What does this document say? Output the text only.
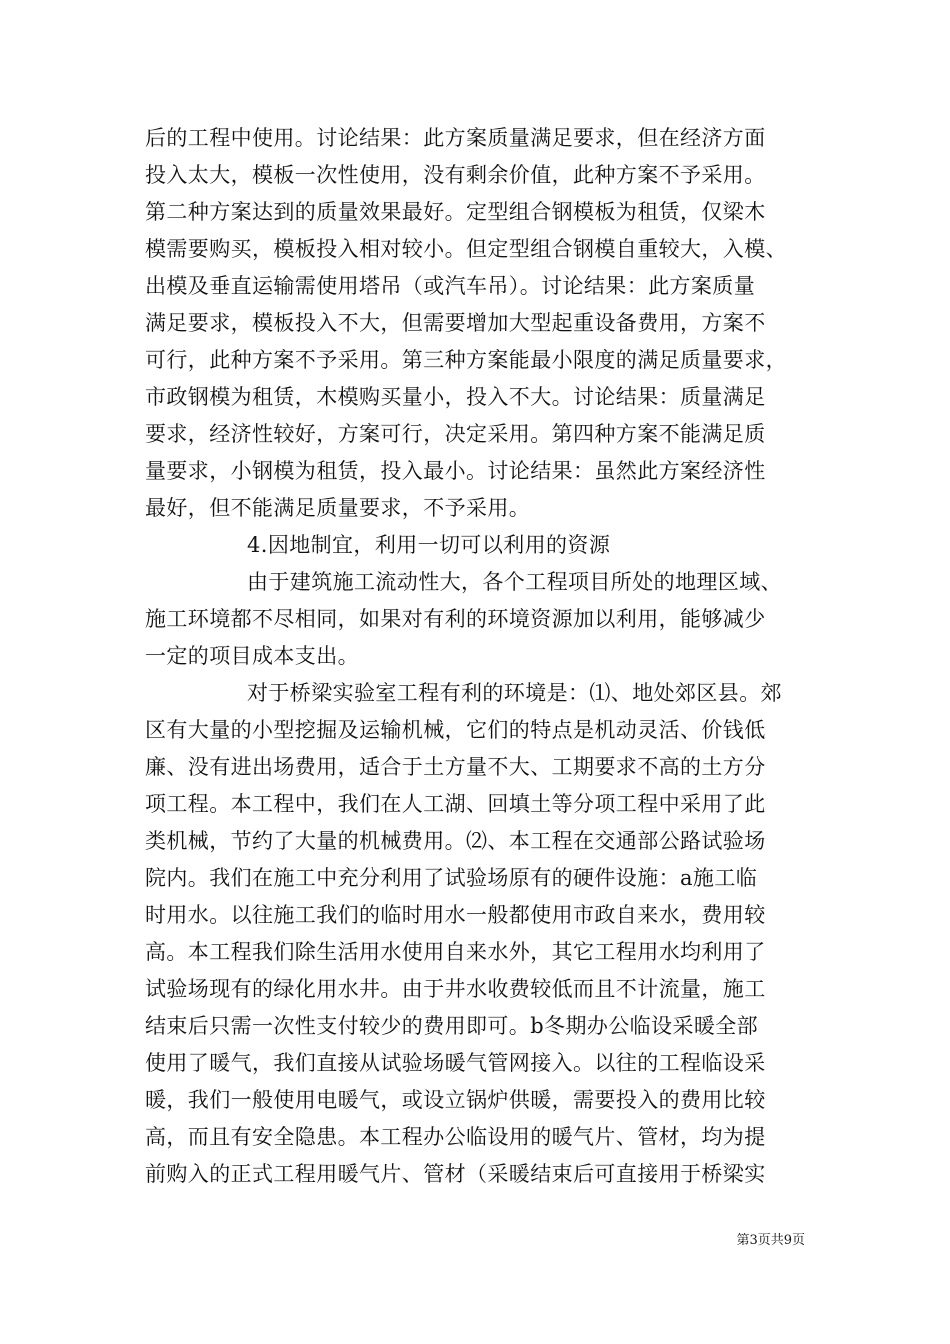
后的工程中使用。讨论结果：此方案质量满足要求，但在经济方面
投入太大，模板一次性使用，没有剩余价值，此种方案不予采用。
第二种方案达到的质量效果最好。定型组合钢模板为租赁，仅梁木
模需要购买，模板投入相对较小。但定型组合钢模自重较大，入模、
出模及垂直运输需使用塔吊（或汽车吊）。讨论结果：此方案质量
满足要求，模板投入不大，但需要增加大型起重设备费用，方案不
可行，此种方案不予采用。第三种方案能最小限度的满足质量要求，
市政钢模为租赁，木模购买量小，投入不大。讨论结果：质量满足
要求，经济性较好，方案可行，决定采用。第四种方案不能满足质
量要求，小钢模为租赁，投入最小。讨论结果：虽然此方案经济性
最好，但不能满足质量要求，不予采用。
4.因地制宜，利用一切可以利用的资源
由于建筑施工流动性大，各个工程项目所处的地理区域、
施工环境都不尽相同，如果对有利的环境资源加以利用，能够减少
一定的项目成本支出。
对于桥梁实验室工程有利的环境是：⑴、地处郊区县。郊
区有大量的小型挖掘及运输机械，它们的特点是机动灵活、价钱低
廉、没有进出场费用，适合于土方量不大、工期要求不高的土方分
项工程。本工程中，我们在人工湖、回填土等分项工程中采用了此
类机械，节约了大量的机械费用。⑵、本工程在交通部公路试验场
院内。我们在施工中充分利用了试验场原有的硬件设施：a施工临
时用水。以往施工我们的临时用水一般都使用市政自来水，费用较
高。本工程我们除生活用水使用自来水外，其它工程用水均利用了
试验场现有的绿化用水井。由于井水收费较低而且不计流量，施工
结束后只需一次性支付较少的费用即可。b冬期办公临设采暖全部
使用了暖气，我们直接从试验场暖气管网接入。以往的工程临设采
暖，我们一般使用电暖气，或设立锅炉供暖，需要投入的费用比较
高，而且有安全隐患。本工程办公临设用的暖气片、管材，均为提
前购入的正式工程用暖气片、管材（采暖结束后可直接用于桥梁实
第3页共9页
